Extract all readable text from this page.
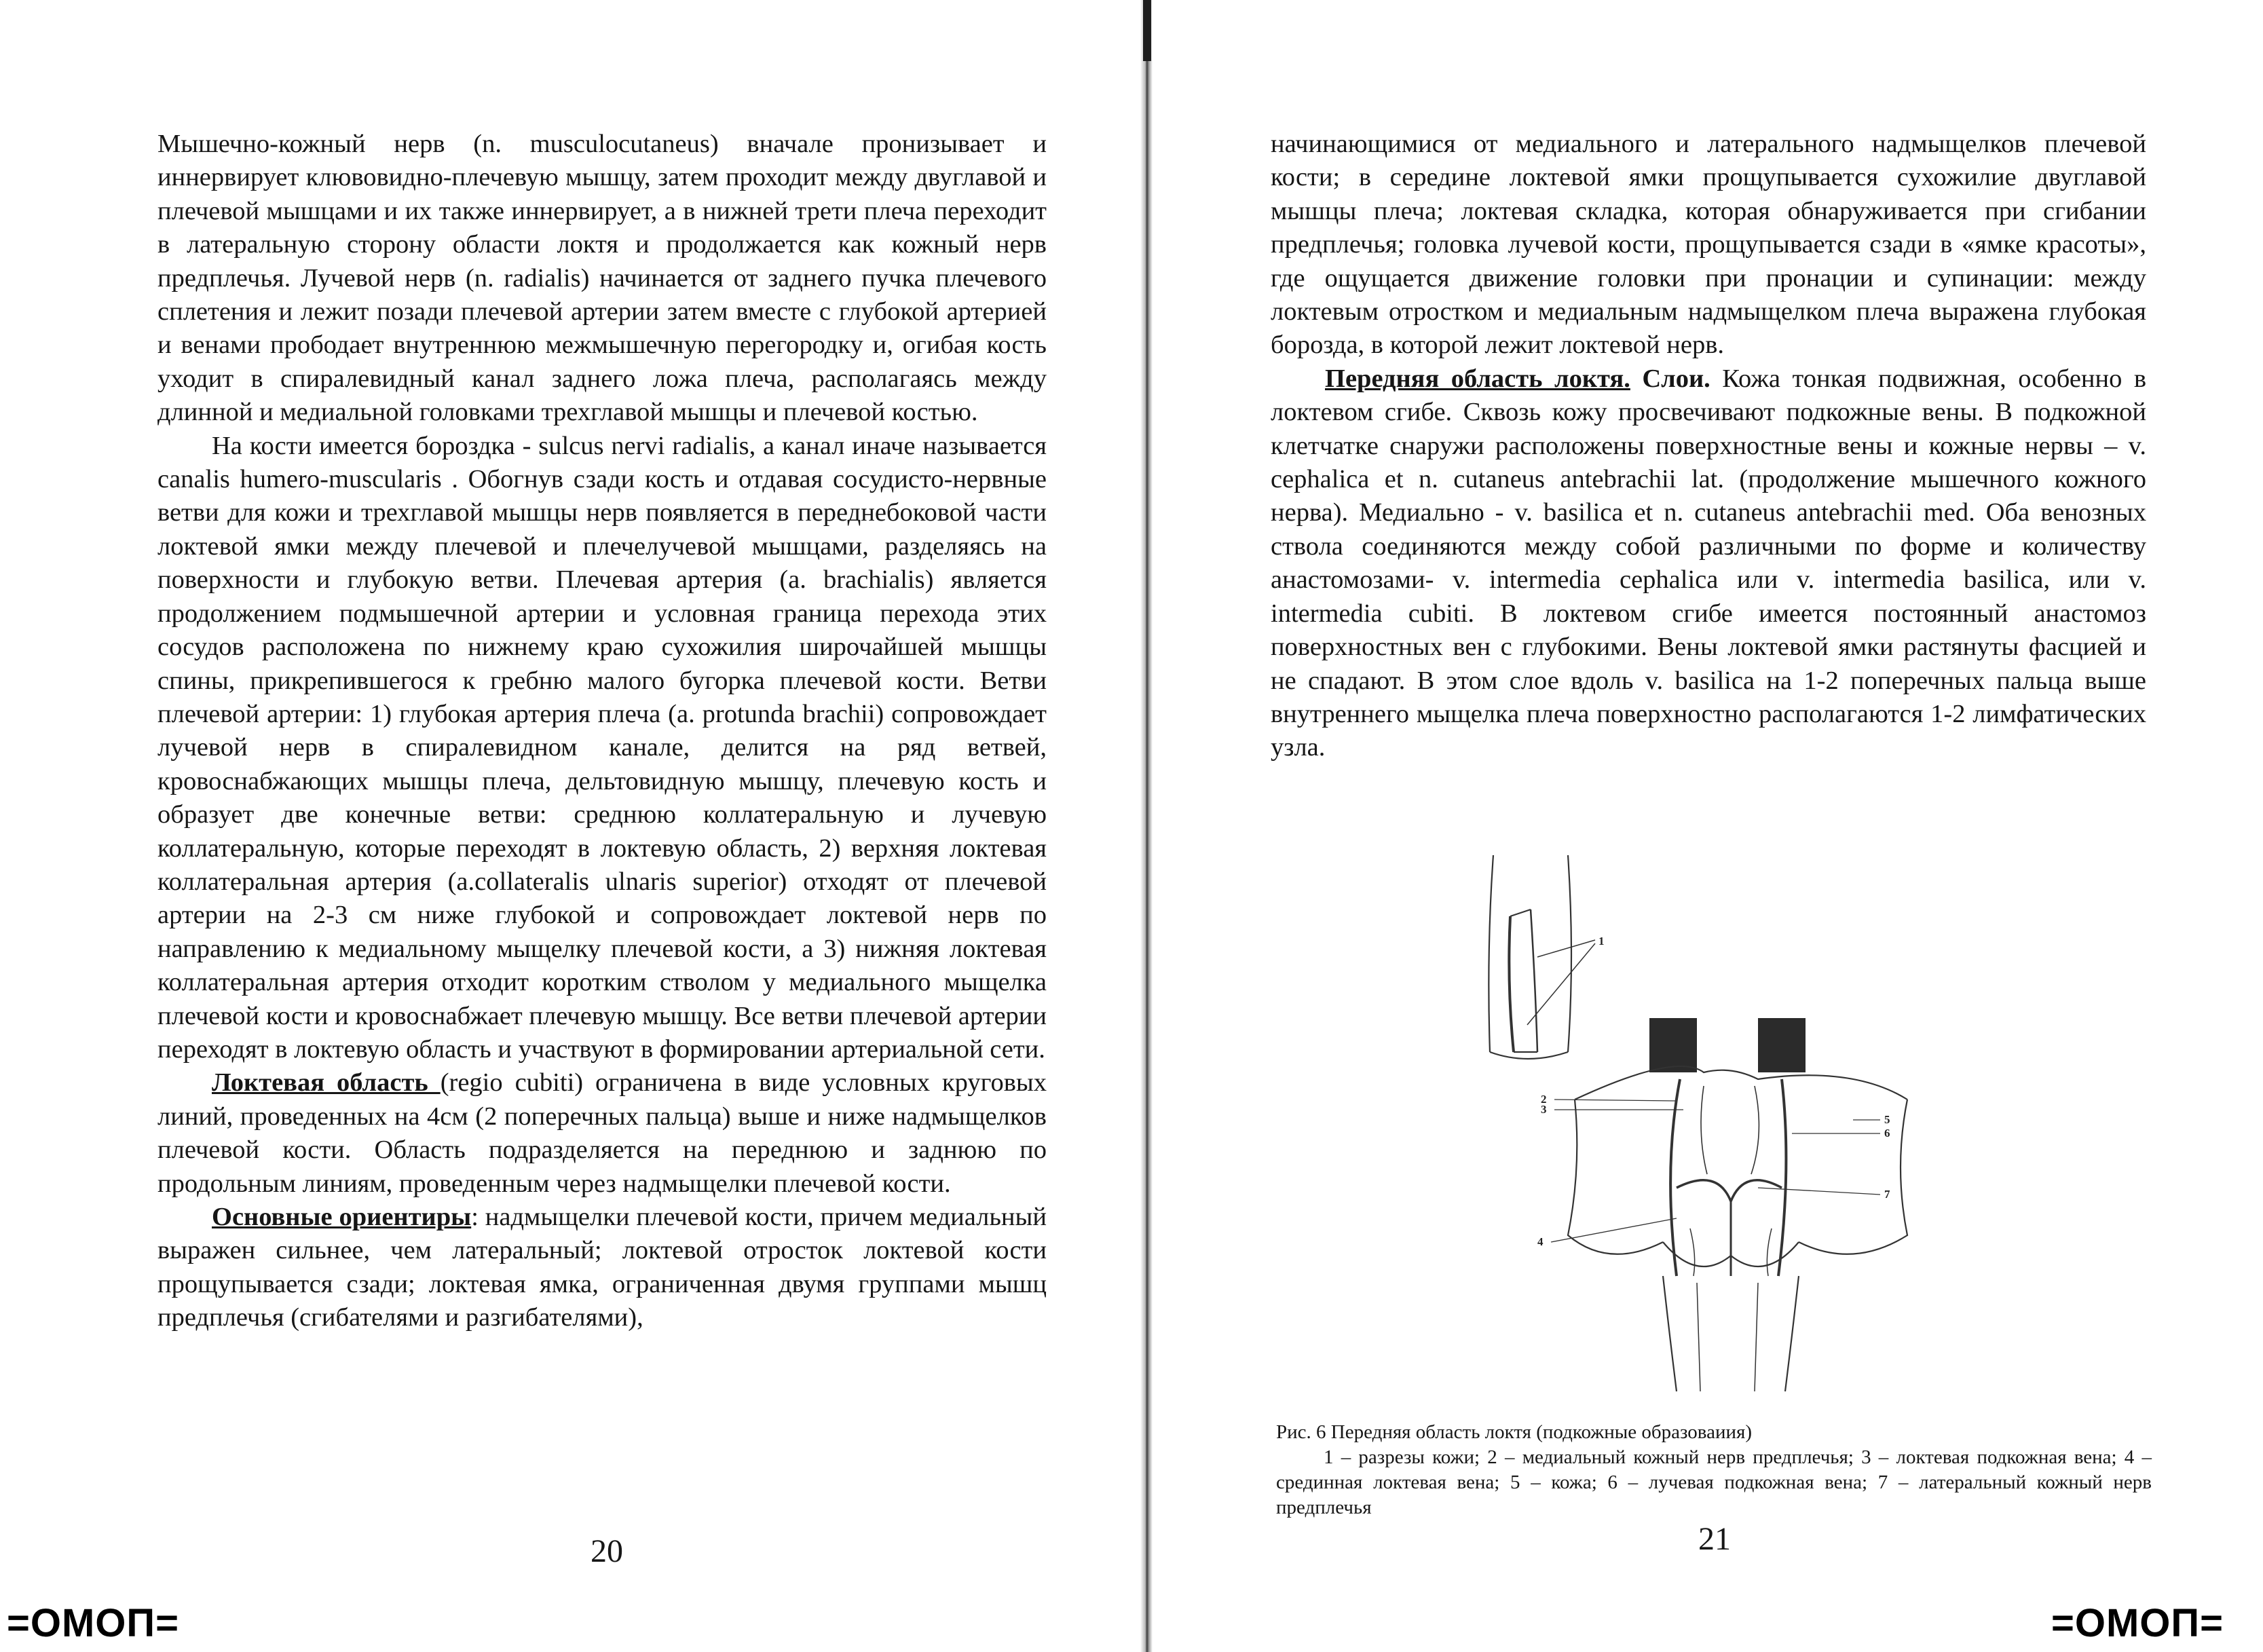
Мышечно-кожный нерв (n. musculocutaneus) вначале пронизывает и иннервирует клювовидно-плечевую мышцу, затем проходит между двуглавой и плечевой мышцами и их также иннервирует, а в нижней трети плеча переходит в латеральную сторону области локтя и продолжается как кожный нерв предплечья. Лучевой нерв (n. radialis) начинается от заднего пучка плечевого сплетения и лежит позади плечевой артерии затем вместе с глубокой артерией и венами прободает внутреннюю межмышечную перегородку и, огибая кость уходит в спиралевидный канал заднего ложа плеча, располагаясь между длинной и медиальной головками трехглавой мышцы и плечевой костью.

На кости имеется бороздка - sulcus nervi radialis, а канал иначе называется canalis humero-muscularis . Обогнув сзади кость и отдавая сосудисто-нервные ветви для кожи и трехглавой мышцы нерв появляется в переднебоковой части локтевой ямки между плечевой и плечелучевой мышцами, разделяясь на поверхности и глубокую ветви. Плечевая артерия (a. brachialis) является продолжением подмышечной артерии и условная граница перехода этих сосудов расположена по нижнему краю сухожилия широчайшей мышцы спины, прикрепившегося к гребню малого бугорка плечевой кости. Ветви плечевой артерии: 1) глубокая артерия плеча (a. protunda brachii) сопровождает лучевой нерв в спиралевидном канале, делится на ряд ветвей, кровоснабжающих мышцы плеча, дельтовидную мышцу, плечевую кость и образует две конечные ветви: среднюю коллатеральную и лучевую коллатеральную, которые переходят в локтевую область, 2) верхняя локтевая коллатеральная артерия (a.collateralis ulnaris superior) отходят от плечевой артерии на 2-3 см ниже глубокой и сопровождает локтевой нерв по направлению к медиальному мыщелку плечевой кости, а 3) нижняя локтевая коллатеральная артерия отходит коротким стволом у медиального мыщелка плечевой кости и кровоснабжает плечевую мышцу. Все ветви плечевой артерии переходят в локтевую область и участвуют в формировании артериальной сети.

Локтевая область (regio cubiti) ограничена в виде условных круговых линий, проведенных на 4см (2 поперечных пальца) выше и ниже надмыщелков плечевой кости. Область подразделяется на переднюю и заднюю по продольным линиям, проведенным через надмыщелки плечевой кости.

Основные ориентиры: надмыщелки плечевой кости, причем медиальный выражен сильнее, чем латеральный; локтевой отросток локтевой кости прощупывается сзади; локтевая ямка, ограниченная двумя группами мышц предплечья (сгибателями и разгибателями),

20

начинающимися от медиального и латерального надмыщелков плечевой кости; в середине локтевой ямки прощупывается сухожилие двуглавой мышцы плеча; локтевая складка, которая обнаруживается при сгибании предплечья; головка лучевой кости, прощупывается сзади в «ямке красоты», где ощущается движение головки при пронации и супинации: между локтевым отростком и медиальным надмыщелком плеча выражена глубокая борозда, в которой лежит локтевой нерв.

Передняя область локтя. Слои. Кожа тонкая подвижная, особенно в локтевом сгибе. Сквозь кожу просвечивают подкожные вены. В подкожной клетчатке снаружи расположены поверхностные вены и кожные нервы – v. cephalica et n. cutaneus antebrachii lat. (продолжение мышечного кожного нерва). Медиально - v. basilica et n. cutaneus antebrachii med. Оба венозных ствола соединяются между собой различными по форме и количеству анастомозами- v. intermedia cephalica или v. intermedia basilica, или v. intermedia cubiti. В локтевом сгибе имеется постоянный анастомоз поверхностных вен с глубокими. Вены локтевой ямки растянуты фасцией и не спадают. В этом слое вдоль v. basilica на 1-2 поперечных пальца выше внутреннего мыщелка плеча поверхностно располагаются 1-2 лимфатических узла.

1
2
3
4
5
6
7

Рис. 6 Передняя область локтя (подкожные образоваиия)

1 – разрезы кожи; 2 – медиальный кожный нерв предплечья; 3 – локтевая подкожная вена; 4 – срединная локтевая вена; 5 – кожа; 6 – лучевая подкожная вена; 7 – латеральный кожный нерв предплечья

21
=ОМОП=	=ОМОП=
